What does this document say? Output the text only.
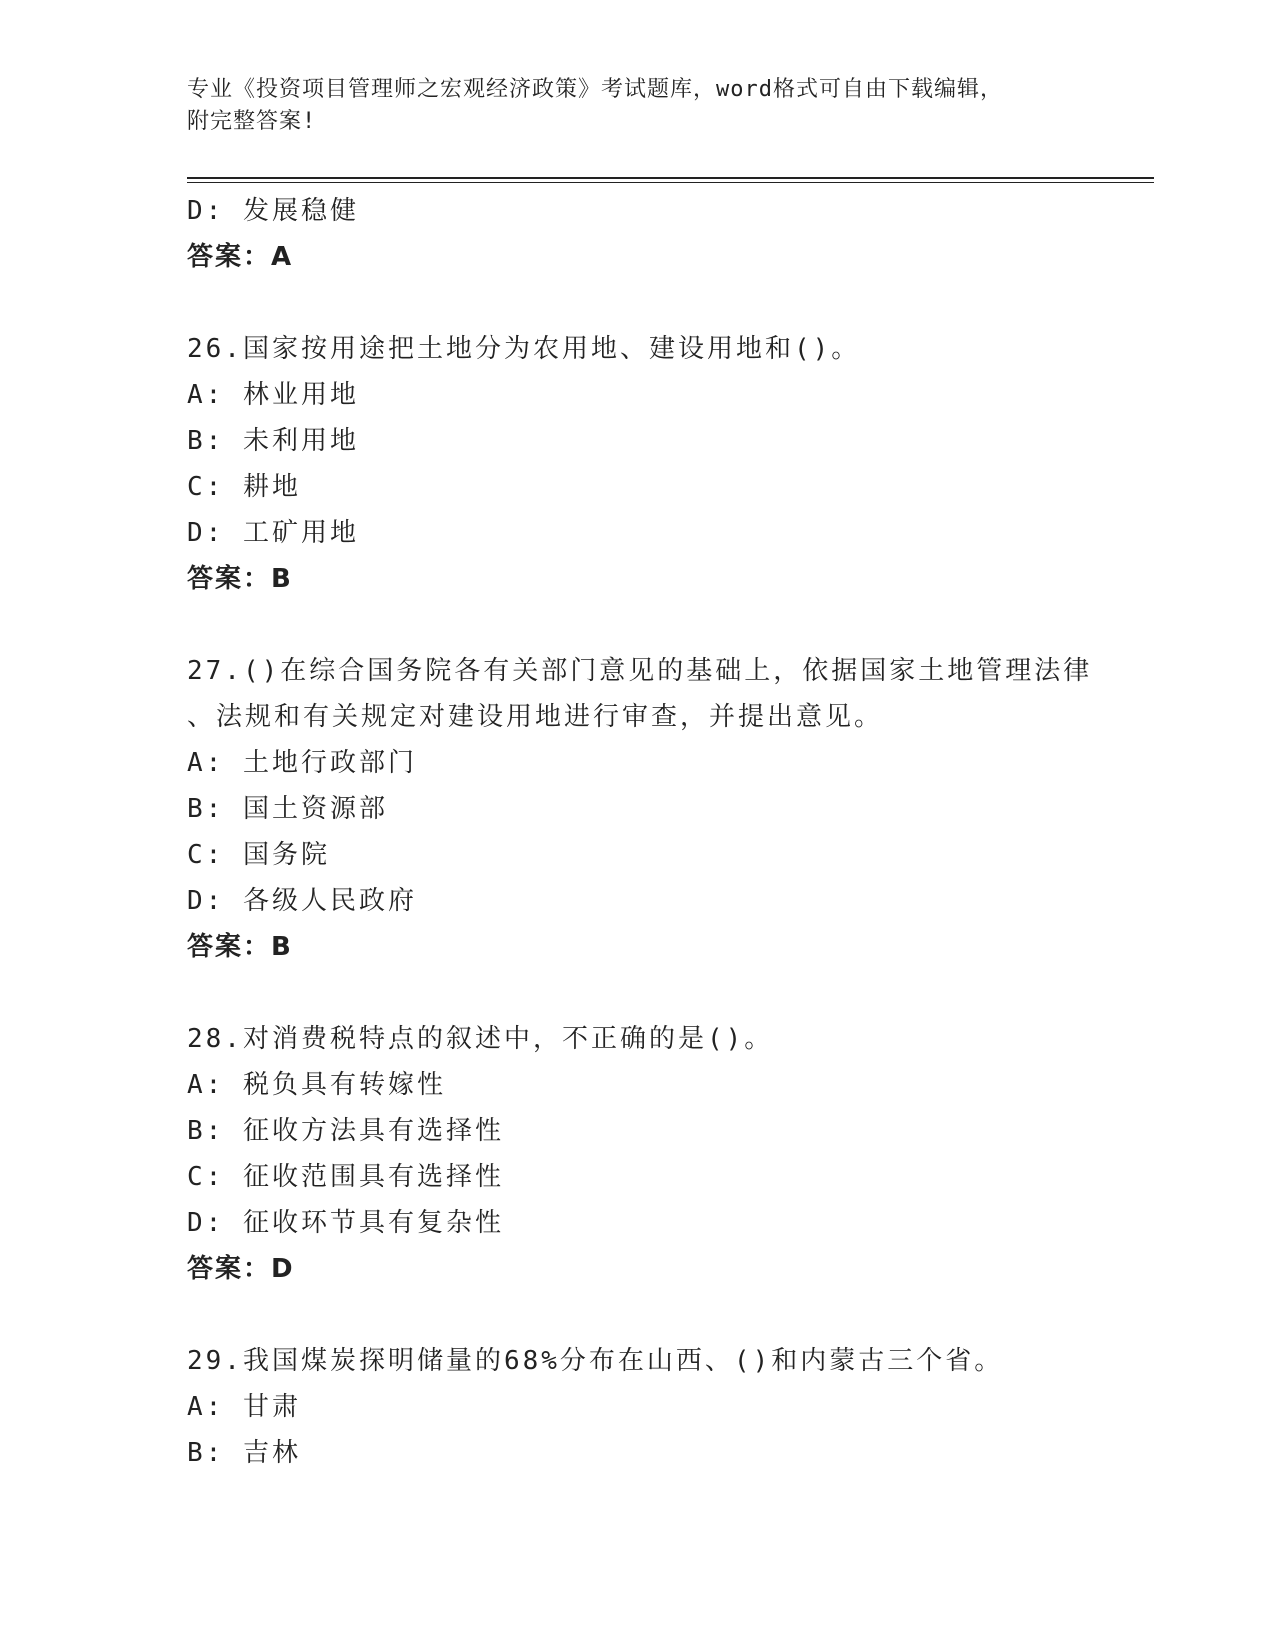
专业《投资项目管理师之宏观经济政策》考试题库，word格式可自由下载编辑，
附完整答案!
D: 发展稳健
答案：A
26.国家按用途把土地分为农用地、建设用地和()。
A: 林业用地
B: 未利用地
C: 耕地
D: 工矿用地
答案：B
27.()在综合国务院各有关部门意见的基础上，依据国家土地管理法律
、法规和有关规定对建设用地进行审查，并提出意见。
A: 土地行政部门
B: 国土资源部
C: 国务院
D: 各级人民政府
答案：B
28.对消费税特点的叙述中，不正确的是()。
A: 税负具有转嫁性
B: 征收方法具有选择性
C: 征收范围具有选择性
D: 征收环节具有复杂性
答案：D
29.我国煤炭探明储量的68%分布在山西、()和内蒙古三个省。
A: 甘肃
B: 吉林
